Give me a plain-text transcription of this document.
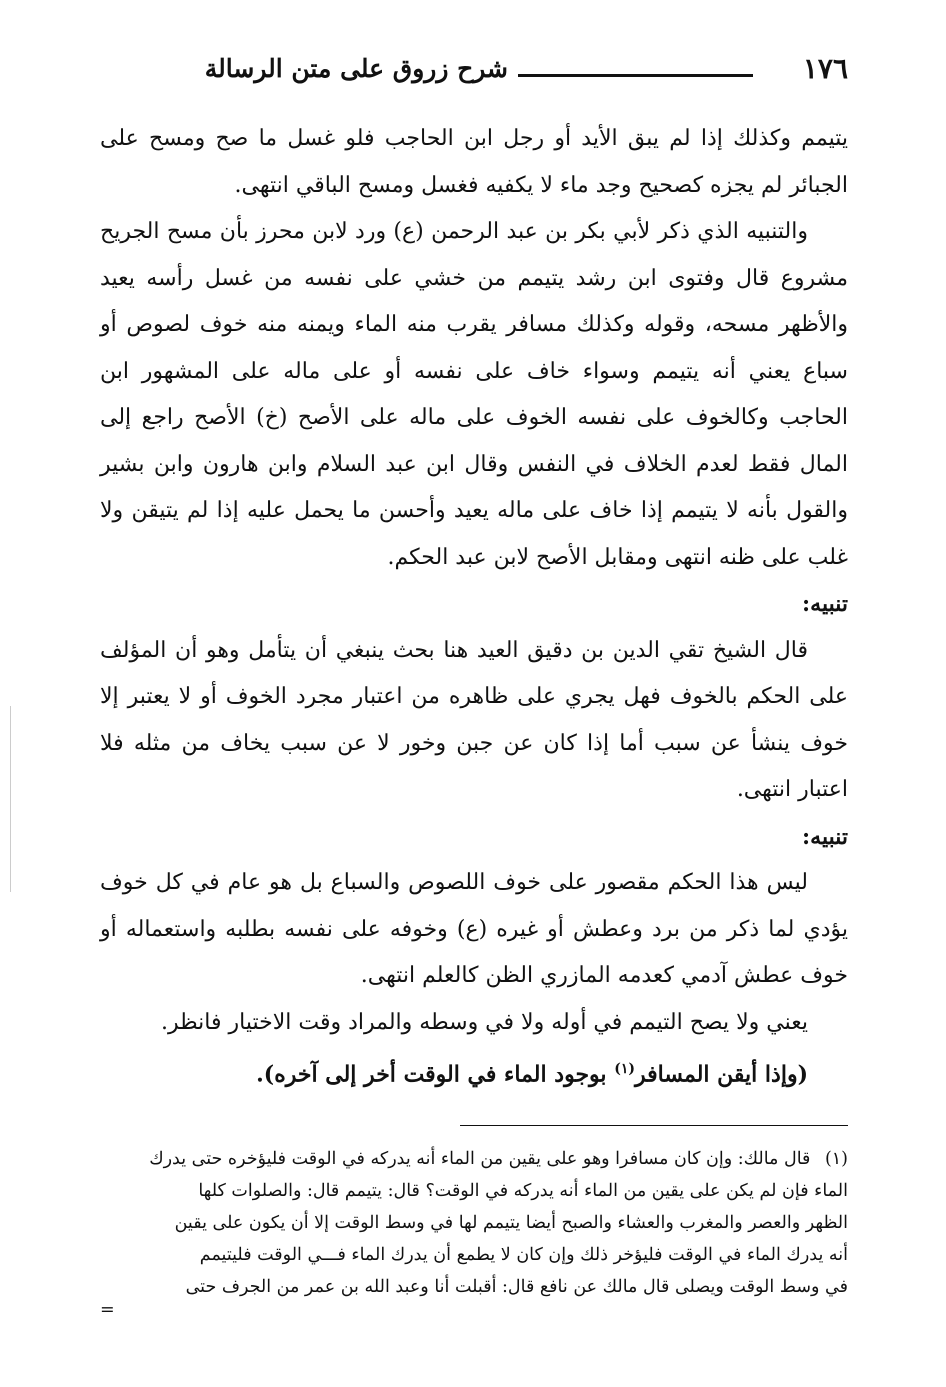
١٧٦
شرح زروق على متن الرسالة

يتيمم وكذلك إذا لم يبق الأيد أو رجل ابن الحاجب فلو غسل ما صح ومسح على الجبائر لم يجزه كصحيح وجد ماء لا يكفيه فغسل ومسح الباقي انتهى.

والتنبيه الذي ذكر لأبي بكر بن عبد الرحمن (ع) ورد لابن محرز بأن مسح الجريح مشروع قال وفتوى ابن رشد يتيمم من خشي على نفسه من غسل رأسه يعيد والأظهر مسحه، وقوله وكذلك مسافر يقرب منه الماء ويمنه منه خوف لصوص أو سباع يعني أنه يتيمم وسواء خاف على نفسه أو على ماله على المشهور ابن الحاجب وكالخوف على نفسه الخوف على ماله على الأصح (خ) الأصح راجع إلى المال فقط لعدم الخلاف في النفس وقال ابن عبد السلام وابن هارون وابن بشير والقول بأنه لا يتيمم إذا خاف على ماله يعيد وأحسن ما يحمل عليه إذا لم يتيقن ولا غلب على ظنه انتهى ومقابل الأصح لابن عبد الحكم.

تنبيه:

قال الشيخ تقي الدين بن دقيق العيد هنا بحث ينبغي أن يتأمل وهو أن المؤلف على الحكم بالخوف فهل يجري على ظاهره من اعتبار مجرد الخوف أو لا يعتبر إلا خوف ينشأ عن سبب أما إذا كان عن جبن وخور لا عن سبب يخاف من مثله فلا اعتبار انتهى.

تنبيه:

ليس هذا الحكم مقصور على خوف اللصوص والسباع بل هو عام في كل خوف يؤدي لما ذكر من برد وعطش أو غيره (ع) وخوفه على نفسه بطلبه واستعماله أو خوف عطش آدمي كعدمه المازري الظن كالعلم انتهى.

يعني ولا يصح التيمم في أوله ولا في وسطه والمراد وقت الاختيار فانظر.

(وإذا أيقن المسافر$^{(١)}$ بوجود الماء في الوقت أخر إلى آخره).

(١) قال مالك: وإن كان مسافرا وهو على يقين من الماء أنه يدركه في الوقت فليؤخره حتى يدرك

الماء فإن لم يكن على يقين من الماء أنه يدركه في الوقت؟ قال: يتيمم قال: والصلوات كلها

الظهر والعصر والمغرب والعشاء والصبح أيضا يتيمم لها في وسط الوقت إلا أن يكون على يقين

أنه يدرك الماء في الوقت فليؤخر ذلك وإن كان لا يطمع أن يدرك الماء فـــي الوقت فليتيمم

في وسط الوقت ويصلى قال مالك عن نافع قال: أقبلت أنا وعبد الله بن عمر من الجرف حتى

=
